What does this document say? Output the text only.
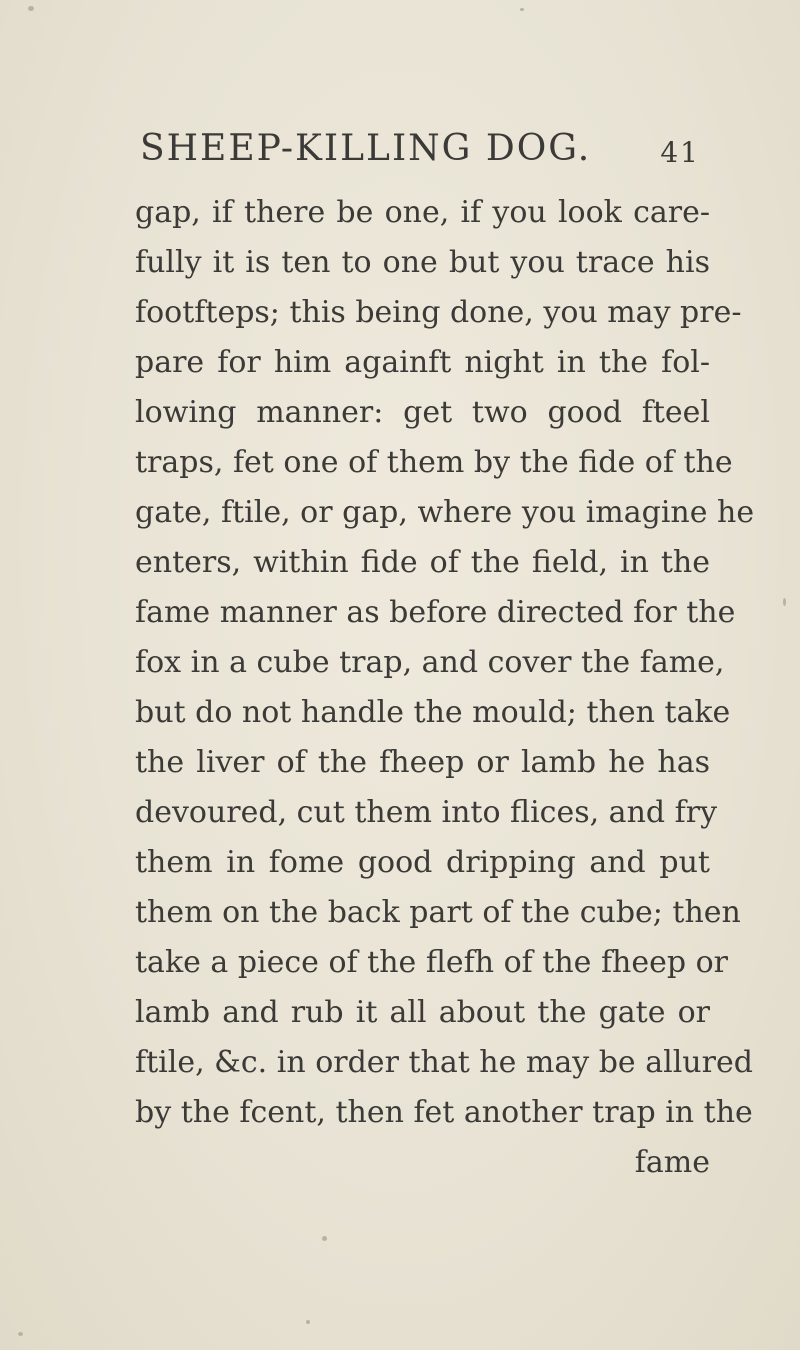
SHEEP-KILLING DOG. 41
gap, if there be one, if you look care-
fully it is ten to one but you trace his
footfteps; this being done, you may pre-
pare for him againft night in the fol-
lowing manner: get two good fteel
traps, fet one of them by the fide of the
gate, ftile, or gap, where you imagine he
enters, within fide of the field, in the
fame manner as before directed for the
fox in a cube trap, and cover the fame,
but do not handle the mould; then take
the liver of the fheep or lamb he has
devoured, cut them into flices, and fry
them in fome good dripping and put
them on the back part of the cube; then
take a piece of the flefh of the fheep or
lamb and rub it all about the gate or
ftile, &c. in order that he may be allured
by the fcent, then fet another trap in the
fame
